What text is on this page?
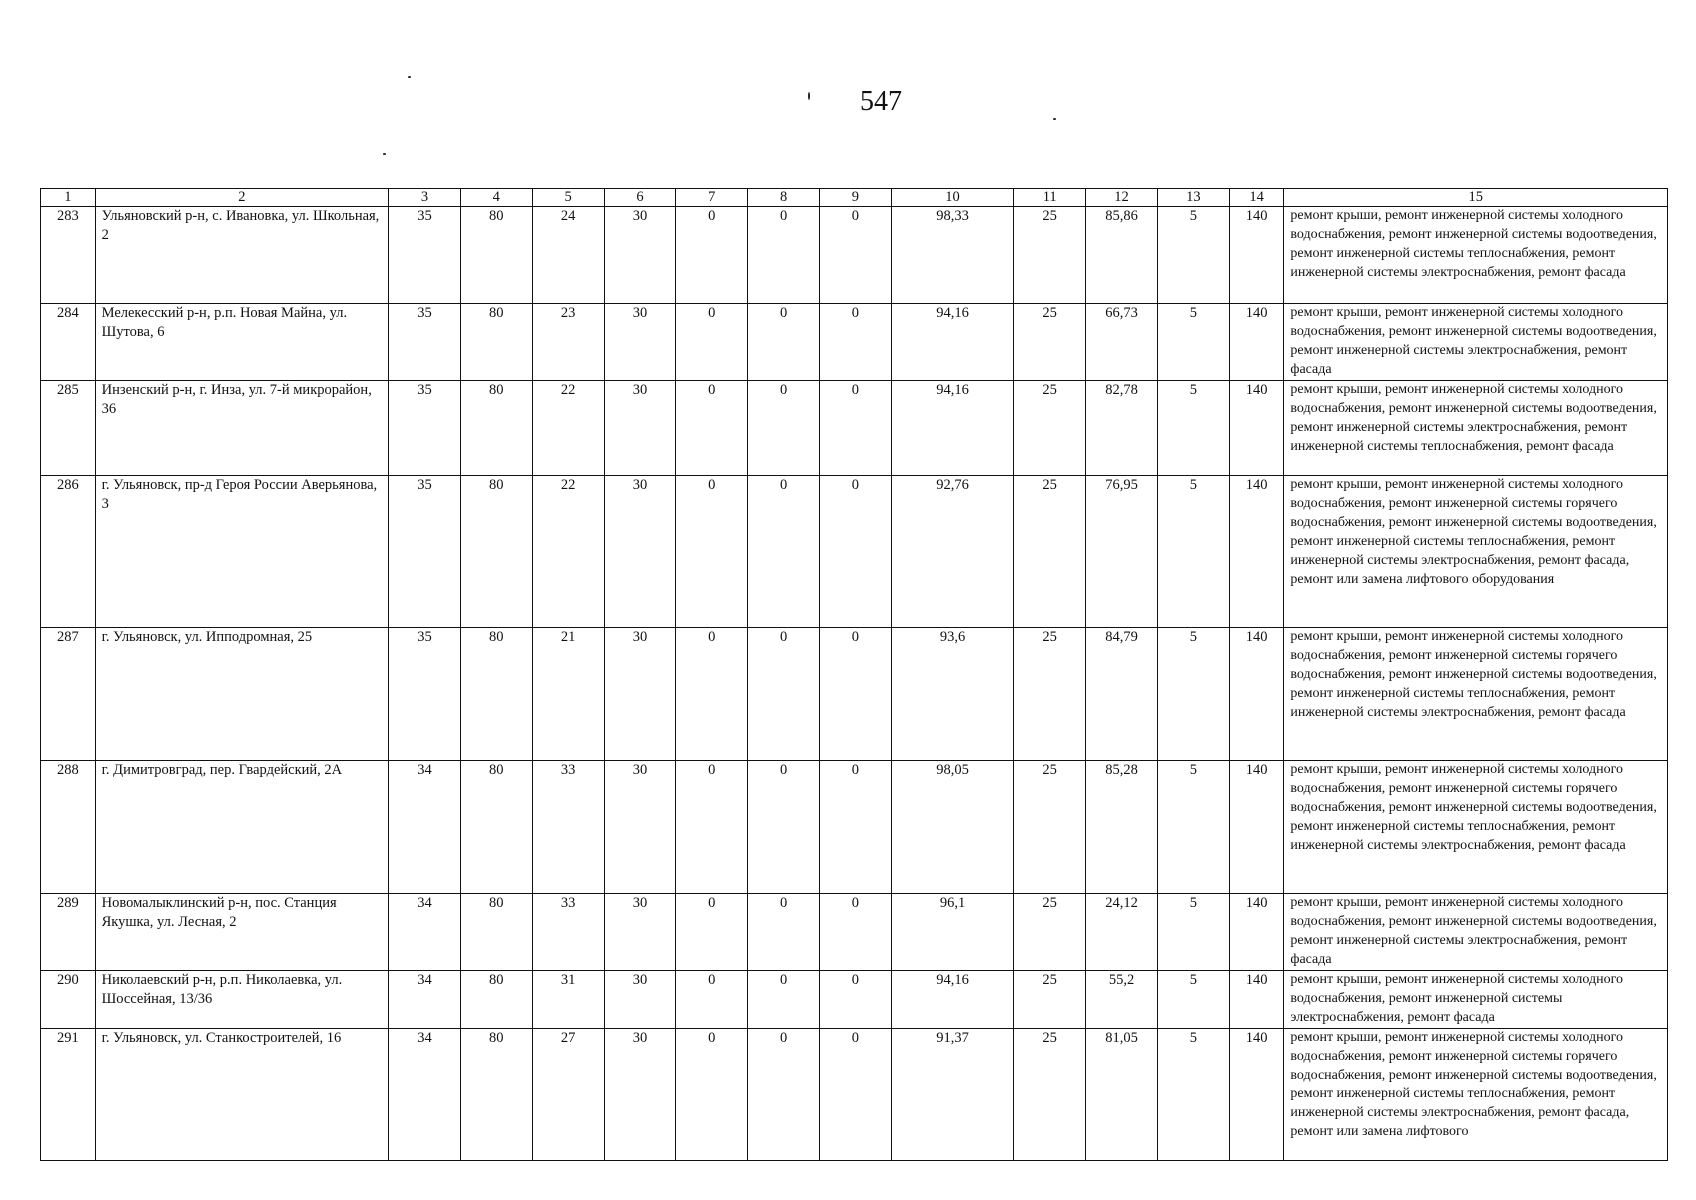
547
1	2	3	4	5	6	7	8	9	10	11	12	13	14	15
283	Ульяновский р-н, с. Ивановка, ул. Школьная, 2	35	80	24	30	0	0	0	98,33	25	85,86	5	140	ремонт крыши, ремонт инженерной системы холодного водоснабжения, ремонт инженерной системы водоотведения, ремонт инженерной системы теплоснабжения, ремонт инженерной системы электроснабжения, ремонт фасада
284	Мелекесский р-н, р.п. Новая Майна, ул. Шутова, 6	35	80	23	30	0	0	0	94,16	25	66,73	5	140	ремонт крыши, ремонт инженерной системы холодного водоснабжения, ремонт инженерной системы водоотведения, ремонт инженерной системы электроснабжения, ремонт фасада
285	Инзенский р-н, г. Инза, ул. 7-й микрорайон, 36	35	80	22	30	0	0	0	94,16	25	82,78	5	140	ремонт крыши, ремонт инженерной системы холодного водоснабжения, ремонт инженерной системы водоотведения, ремонт инженерной системы электроснабжения, ремонт инженерной системы теплоснабжения, ремонт фасада
286	г. Ульяновск, пр-д Героя России Аверьянова, 3	35	80	22	30	0	0	0	92,76	25	76,95	5	140	ремонт крыши, ремонт инженерной системы холодного водоснабжения, ремонт инженерной системы горячего водоснабжения, ремонт инженерной системы водоотведения, ремонт инженерной системы теплоснабжения, ремонт инженерной системы электроснабжения, ремонт фасада, ремонт или замена лифтового оборудования
287	г. Ульяновск, ул. Ипподромная, 25	35	80	21	30	0	0	0	93,6	25	84,79	5	140	ремонт крыши, ремонт инженерной системы холодного водоснабжения, ремонт инженерной системы горячего водоснабжения, ремонт инженерной системы водоотведения, ремонт инженерной системы теплоснабжения, ремонт инженерной системы электроснабжения, ремонт фасада
288	г. Димитровград, пер. Гвардейский, 2А	34	80	33	30	0	0	0	98,05	25	85,28	5	140	ремонт крыши, ремонт инженерной системы холодного водоснабжения, ремонт инженерной системы горячего водоснабжения, ремонт инженерной системы водоотведения, ремонт инженерной системы теплоснабжения, ремонт инженерной системы электроснабжения, ремонт фасада
289	Новомалыклинский р-н, пос. Станция Якушка, ул. Лесная, 2	34	80	33	30	0	0	0	96,1	25	24,12	5	140	ремонт крыши, ремонт инженерной системы холодного водоснабжения, ремонт инженерной системы водоотведения, ремонт инженерной системы электроснабжения, ремонт фасада
290	Николаевский р-н, р.п. Николаевка, ул. Шоссейная, 13/36	34	80	31	30	0	0	0	94,16	25	55,2	5	140	ремонт крыши, ремонт инженерной системы холодного водоснабжения, ремонт инженерной системы электроснабжения, ремонт фасада
291	г. Ульяновск, ул. Станкостроителей, 16	34	80	27	30	0	0	0	91,37	25	81,05	5	140	ремонт крыши, ремонт инженерной системы холодного водоснабжения, ремонт инженерной системы горячего водоснабжения, ремонт инженерной системы водоотведения, ремонт инженерной системы теплоснабжения, ремонт инженерной системы электроснабжения, ремонт фасада, ремонт или замена лифтового
